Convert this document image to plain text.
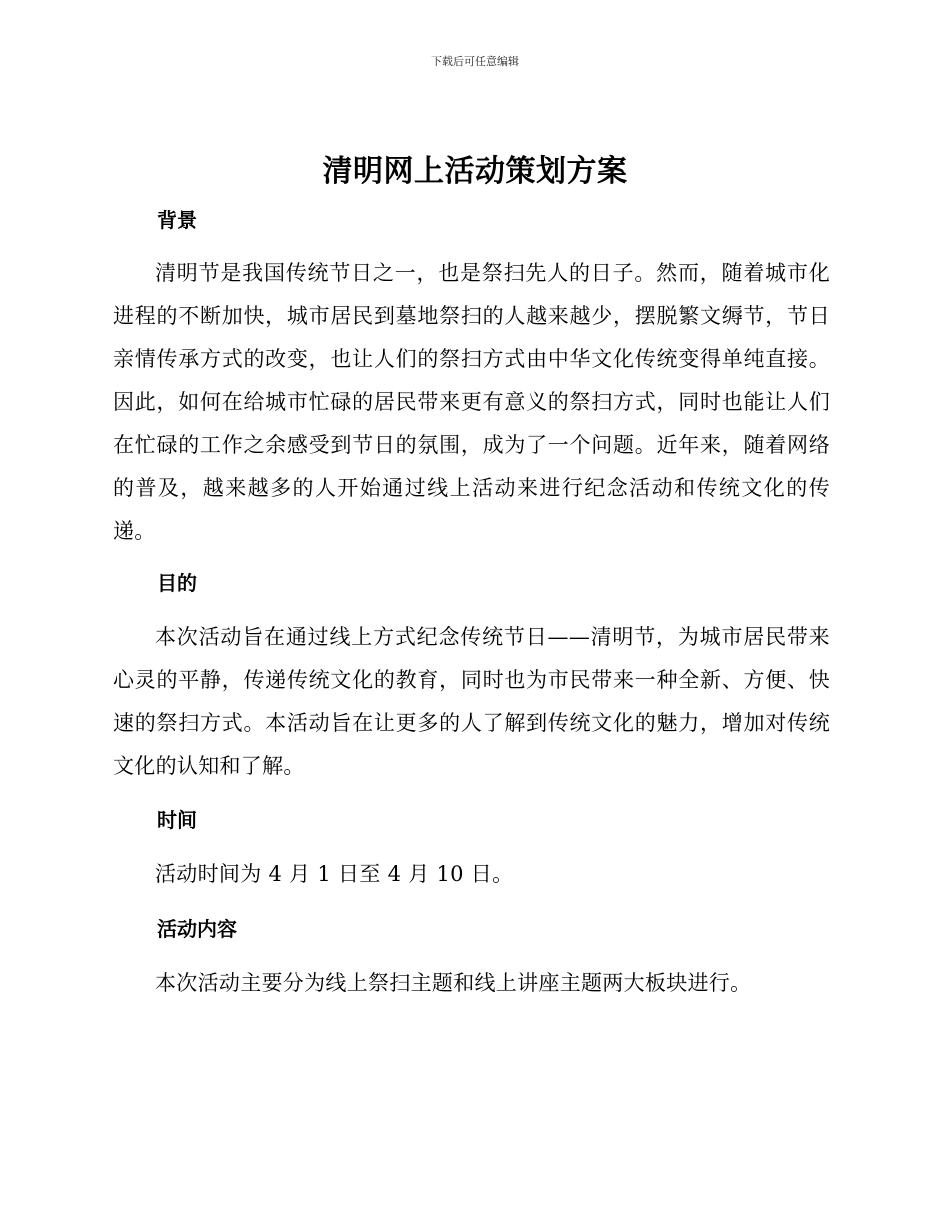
下载后可任意编辑
清明网上活动策划方案
背景

清明节是我国传统节日之一，也是祭扫先人的日子。然而，随着城市化进程的不断加快，城市居民到墓地祭扫的人越来越少，摆脱繁文缛节，节日亲情传承方式的改变，也让人们的祭扫方式由中华文化传统变得单纯直接。因此，如何在给城市忙碌的居民带来更有意义的祭扫方式，同时也能让人们在忙碌的工作之余感受到节日的氛围，成为了一个问题。近年来，随着网络的普及，越来越多的人开始通过线上活动来进行纪念活动和传统文化的传递。

目的

本次活动旨在通过线上方式纪念传统节日——清明节，为城市居民带来心灵的平静，传递传统文化的教育，同时也为市民带来一种全新、方便、快速的祭扫方式。本活动旨在让更多的人了解到传统文化的魅力，增加对传统文化的认知和了解。

时间

活动时间为 4 月 1 日至 4 月 10 日。

活动内容

本次活动主要分为线上祭扫主题和线上讲座主题两大板块进行。
